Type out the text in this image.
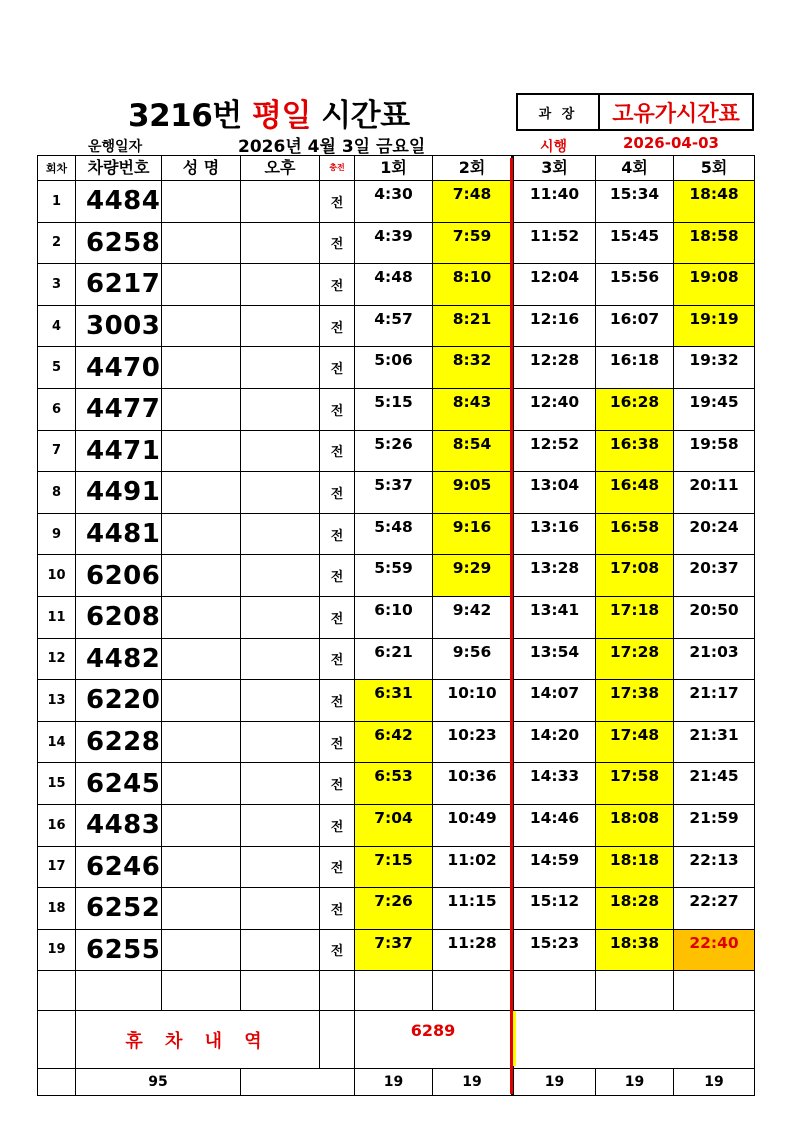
3216번 평일 시간표	과 장	고유가시간표
운행일자	2026년 4월 3일 금요일	시행	2026-04-03
회차	차량번호	성 명	오후	충전	1회	2회	3회	4회	5회
1	4484			전	4:30	7:48	11:40	15:34	18:48
2	6258			전	4:39	7:59	11:52	15:45	18:58
3	6217			전	4:48	8:10	12:04	15:56	19:08
4	3003			전	4:57	8:21	12:16	16:07	19:19
5	4470			전	5:06	8:32	12:28	16:18	19:32
6	4477			전	5:15	8:43	12:40	16:28	19:45
7	4471			전	5:26	8:54	12:52	16:38	19:58
8	4491			전	5:37	9:05	13:04	16:48	20:11
9	4481			전	5:48	9:16	13:16	16:58	20:24
10	6206			전	5:59	9:29	13:28	17:08	20:37
11	6208			전	6:10	9:42	13:41	17:18	20:50
12	4482			전	6:21	9:56	13:54	17:28	21:03
13	6220			전	6:31	10:10	14:07	17:38	21:17
14	6228			전	6:42	10:23	14:20	17:48	21:31
15	6245			전	6:53	10:36	14:33	17:58	21:45
16	4483			전	7:04	10:49	14:46	18:08	21:59
17	6246			전	7:15	11:02	14:59	18:18	22:13
18	6252			전	7:26	11:15	15:12	18:28	22:27
19	6255			전	7:37	11:28	15:23	18:38	22:40

	휴 차 내 역				6289				
	95				19	19	19	19	19
